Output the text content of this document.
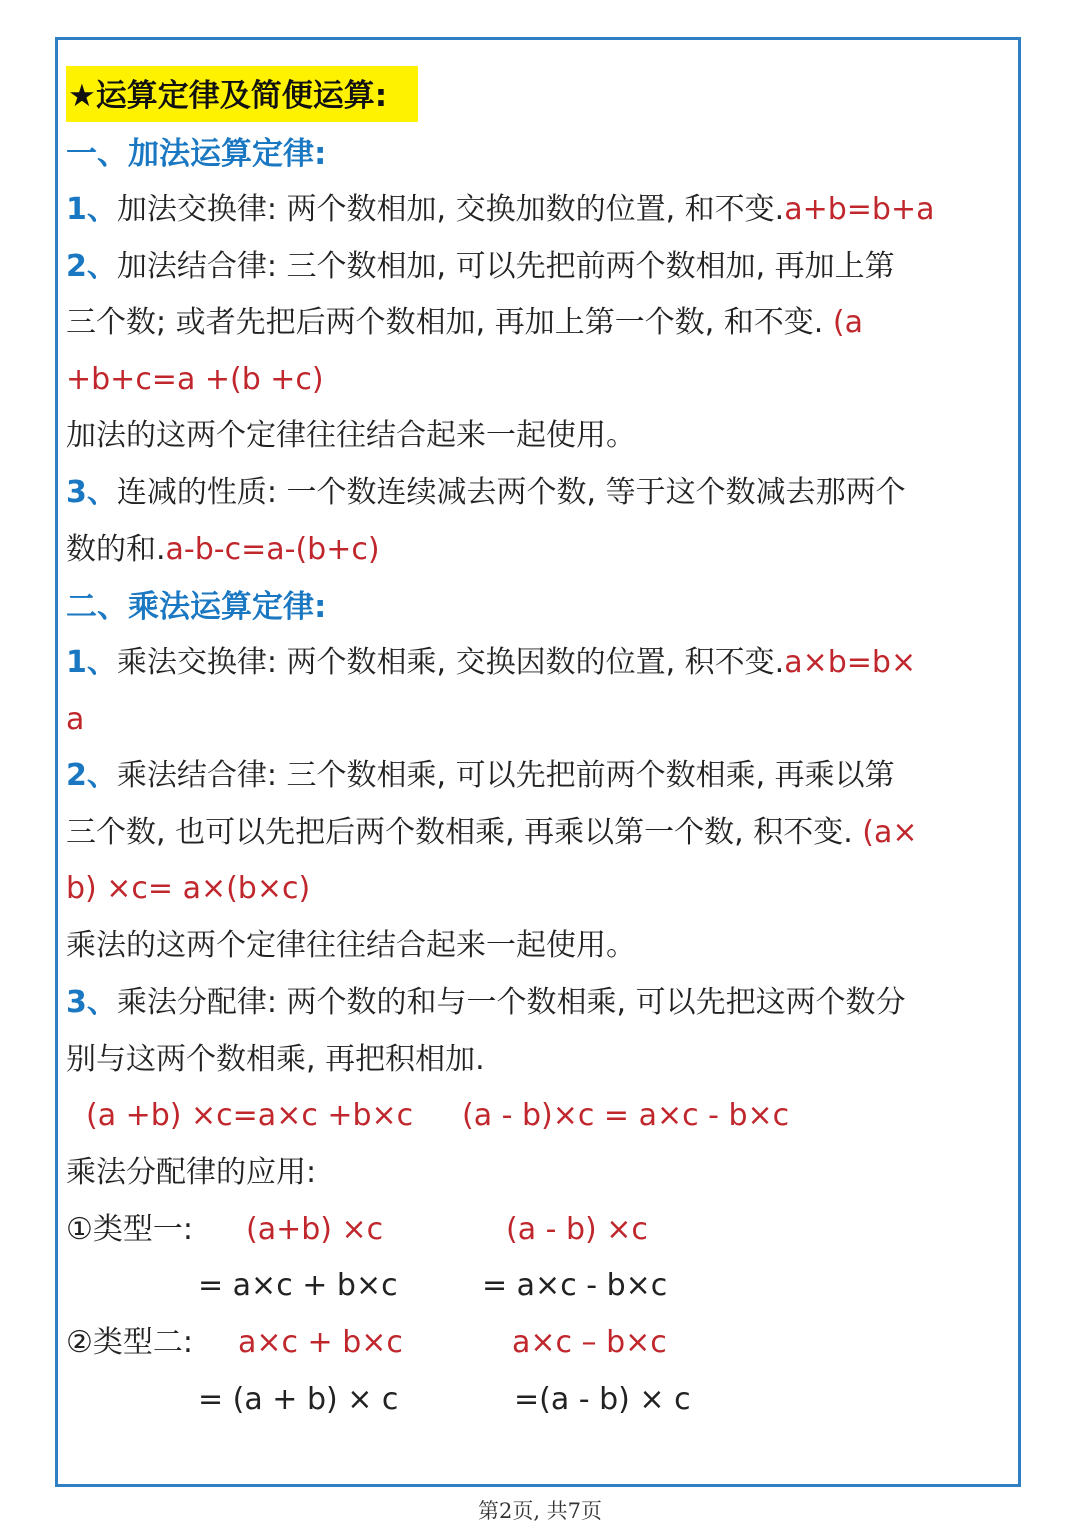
★运算定律及简便运算:
一、加法运算定律:
1、加法交换律: 两个数相加, 交换加数的位置, 和不变.a+b=b+a
2、加法结合律: 三个数相加, 可以先把前两个数相加, 再加上第
三个数; 或者先把后两个数相加, 再加上第一个数, 和不变. (a
+b+c=a +(b +c)
加法的这两个定律往往结合起来一起使用。
3、连减的性质: 一个数连续减去两个数, 等于这个数减去那两个
数的和.a-b-c=a-(b+c)
二、乘法运算定律:
1、乘法交换律: 两个数相乘, 交换因数的位置, 积不变.a×b=b×
a
2、乘法结合律: 三个数相乘, 可以先把前两个数相乘, 再乘以第
三个数, 也可以先把后两个数相乘, 再乘以第一个数, 积不变. (a×
b) ×c= a×(b×c)
乘法的这两个定律往往结合起来一起使用。
3、乘法分配律: 两个数的和与一个数相乘, 可以先把这两个数分
别与这两个数相乘, 再把积相加.
(a +b) ×c=a×c +b×c (a - b)×c = a×c - b×c
乘法分配律的应用:
①类型一: (a+b) ×c	(a - b) ×c
= a×c + b×c	= a×c - b×c
②类型二: a×c + b×c	a×c – b×c
= (a + b) × c	=(a - b) × c
第2页, 共7页
